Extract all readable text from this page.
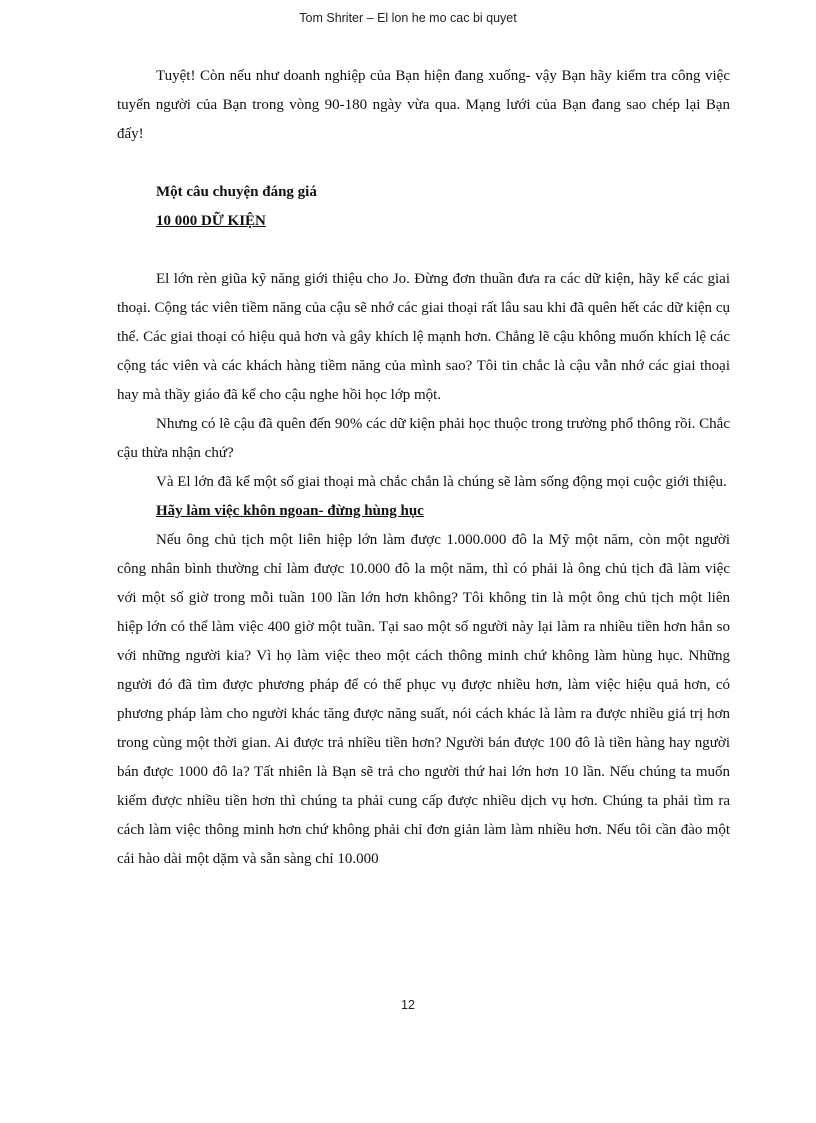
Tom Shriter – El lon he mo cac bi quyet

Tuyệt! Còn nếu như doanh nghiệp của Bạn hiện đang xuống- vậy Bạn hãy kiểm tra công việc tuyển người của Bạn trong vòng 90-180 ngày vừa qua. Mạng lưới của Bạn đang sao chép lại Bạn đấy!

Một câu chuyện đáng giá
10 000 DỮ KIỆN

El lớn rèn giũa kỹ năng giới thiệu cho Jo. Đừng đơn thuần đưa ra các dữ kiện, hãy kể các giai thoại. Cộng tác viên tiềm năng của cậu sẽ nhớ các giai thoại rất lâu sau khi đã quên hết các dữ kiện cụ thể. Các giai thoại có hiệu quả hơn và gây khích lệ mạnh hơn. Chẳng lẽ cậu không muốn khích lệ các cộng tác viên và các khách hàng tiềm năng của mình sao? Tôi tin chắc là cậu vẫn nhớ các giai thoại hay mà thầy giáo đã kể cho cậu nghe hồi học lớp một.

Nhưng có lẽ cậu đã quên đến 90% các dữ kiện phải học thuộc trong trường phổ thông rồi. Chắc cậu thừa nhận chứ?

Và El lớn đã kể một số giai thoại mà chắc chắn là chúng sẽ làm sống động mọi cuộc giới thiệu.

Hãy làm việc khôn ngoan- đừng hùng hục

Nếu ông chủ tịch một liên hiệp lớn làm được 1.000.000 đô la Mỹ một năm, còn một người công nhân bình thường chỉ làm được 10.000 đô la một năm, thì có phải là ông chủ tịch đã làm việc với một số giờ trong mỗi tuần 100 lần lớn hơn không? Tôi không tin là một ông chủ tịch một liên hiệp lớn có thể làm việc 400 giờ một tuần. Tại sao một số người này lại làm ra nhiều tiền hơn hẳn so với những người kia? Vì họ làm việc theo một cách thông minh chứ không làm hùng hục. Những người đó đã tìm được phương pháp để có thể phục vụ được nhiều hơn, làm việc hiệu quả hơn, có phương pháp làm cho người khác tăng được năng suất, nói cách khác là làm ra được nhiều giá trị hơn trong cùng một thời gian. Ai được trả nhiều tiền hơn? Người bán được 100 đô là tiền hàng hay người bán được 1000 đô la? Tất nhiên là Bạn sẽ trả cho người thứ hai lớn hơn 10 lần. Nếu chúng ta muốn kiếm được nhiều tiền hơn thì chúng ta phải cung cấp được nhiều dịch vụ hơn. Chúng ta phải tìm ra cách làm việc thông minh hơn chứ không phải chỉ đơn giản làm làm nhiều hơn. Nếu tôi cần đào một cái hào dài một dặm và sẵn sàng chỉ 10.000

12
